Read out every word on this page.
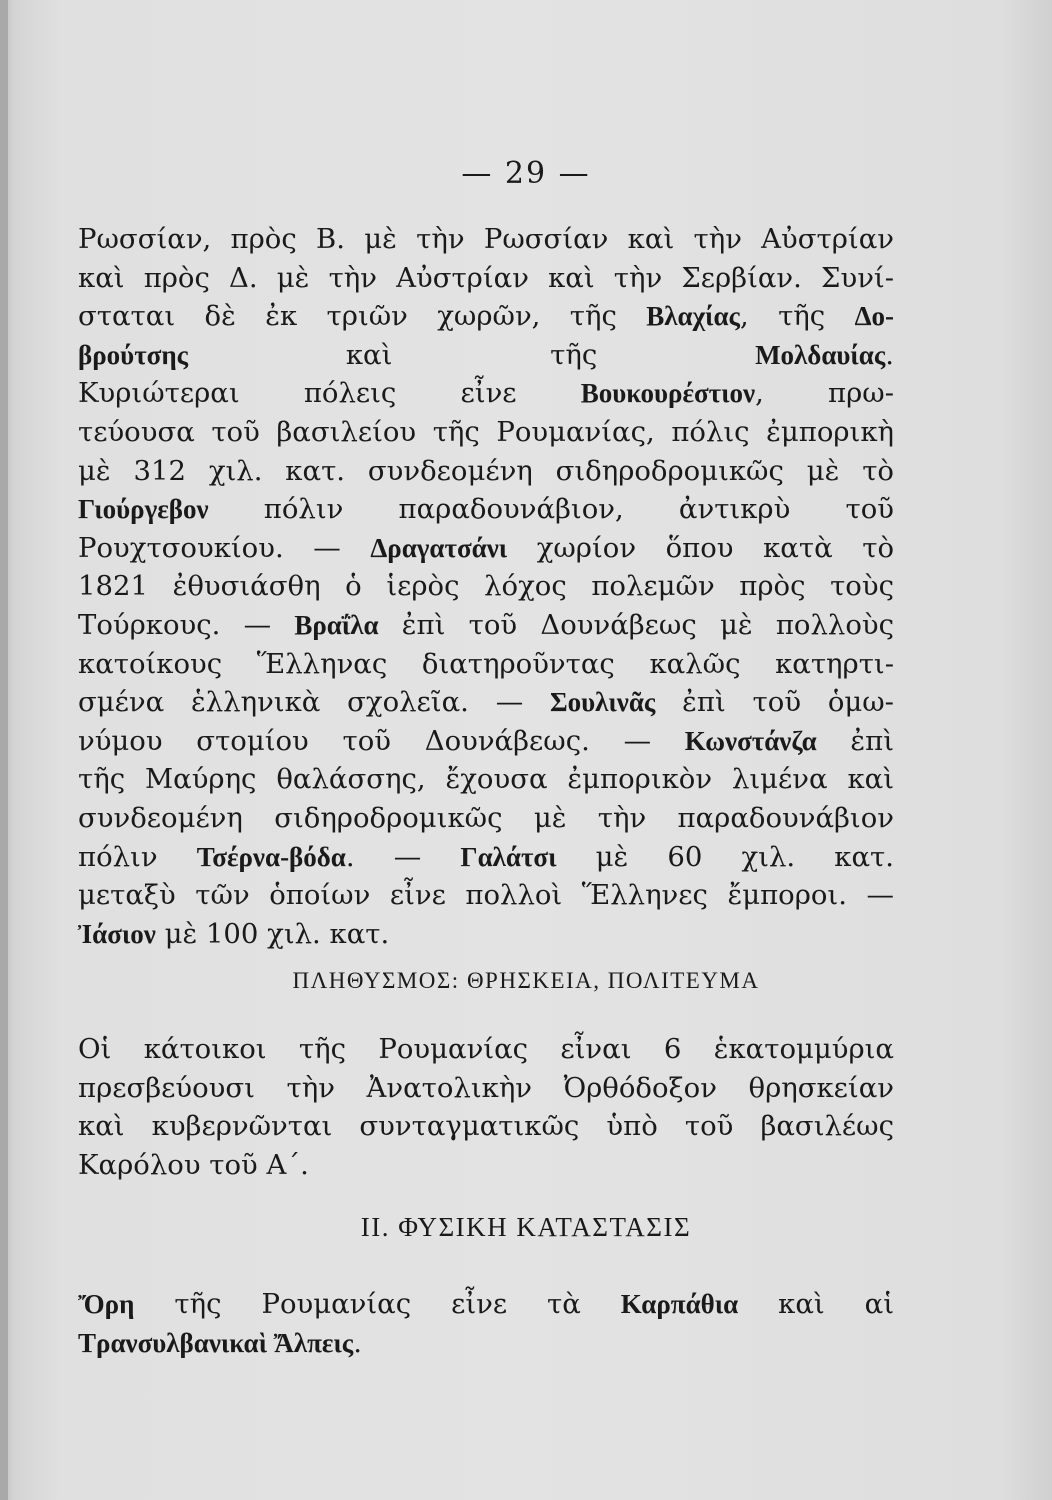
— 29 —
Ρωσσίαν, πρὸς Β. μὲ τὴν Ρωσσίαν καὶ τὴν Αὐστρίαν
καὶ πρὸς Δ. μὲ τὴν Αὐστρίαν καὶ τὴν Σερβίαν. Συνί-
σταται δὲ ἐκ τριῶν χωρῶν, τῆς Βλαχίας, τῆς Δο-
βρούτσης καὶ τῆς Μολδαυίας.
Κυριώτεραι πόλεις εἶνε Βουκουρέστιον, πρω-
τεύουσα τοῦ βασιλείου τῆς Ρουμανίας, πόλις ἐμπορικὴ
μὲ 312 χιλ. κατ. συνδεομένη σιδηροδρομικῶς μὲ τὸ
Γιούργεβον πόλιν παραδουνάβιον, ἀντικρὺ τοῦ
Ρουχτσουκίου. — Δραγατσάνι χωρίον ὅπου κατὰ τὸ
1821 ἐθυσιάσθη ὁ ἱερὸς λόχος πολεμῶν πρὸς τοὺς
Τούρκους. — Βραΐλα ἐπὶ τοῦ Δουνάβεως μὲ πολλοὺς
κατοίκους Ἕλληνας διατηροῦντας καλῶς κατηρτι-
σμένα ἑλληνικὰ σχολεῖα. — Σουλινᾶς ἐπὶ τοῦ ὁμω-
νύμου στομίου τοῦ Δουνάβεως. — Κωνστάνζα ἐπὶ
τῆς Μαύρης θαλάσσης, ἔχουσα ἐμπορικὸν λιμένα καὶ
συνδεομένη σιδηροδρομικῶς μὲ τὴν παραδουνάβιον
πόλιν Τσέρνα-βόδα. — Γαλάτσι μὲ 60 χιλ. κατ.
μεταξὺ τῶν ὁποίων εἶνε πολλοὶ Ἕλληνες ἔμποροι. —
Ἰάσιον μὲ 100 χιλ. κατ.
ΠΛΗΘΥΣΜΟΣ: ΘΡΗΣΚΕΙΑ, ΠΟΛΙΤΕΥΜΑ
Οἱ κάτοικοι τῆς Ρουμανίας εἶναι 6 ἑκατομμύρια
πρεσβεύουσι τὴν Ἀνατολικὴν Ὀρθόδοξον θρησκείαν
καὶ κυβερνῶνται συνταγματικῶς ὑπὸ τοῦ βασιλέως
Καρόλου τοῦ Α΄.
II. ΦΥΣΙΚΗ ΚΑΤΑΣΤΑΣΙΣ
Ὄρη τῆς Ρουμανίας εἶνε τὰ Καρπάθια καὶ αἱ
Τρανσυλβανικαὶ Ἄλπεις.
